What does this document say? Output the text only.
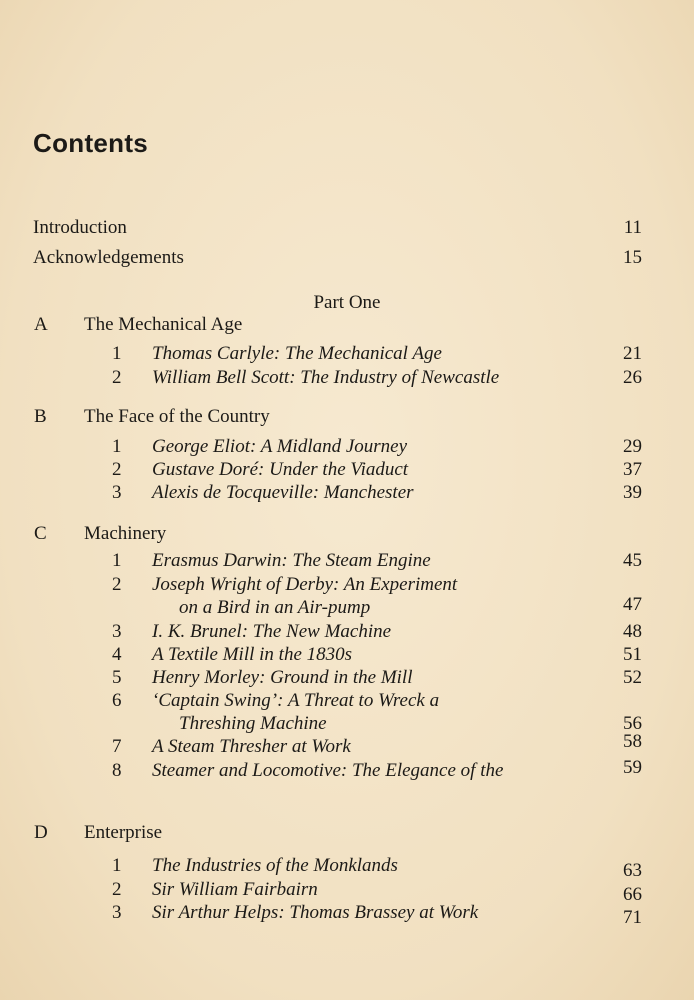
Contents
Introduction	11
Acknowledgements	15
Part One
A The Mechanical Age
1 Thomas Carlyle: The Mechanical Age	21
2 William Bell Scott: The Industry of Newcastle	26
B The Face of the Country
1 George Eliot: A Midland Journey	29
2 Gustave Doré: Under the Viaduct	37
3 Alexis de Tocqueville: Manchester	39
C Machinery
1 Erasmus Darwin: The Steam Engine	45
2 Joseph Wright of Derby: An Experiment
on a Bird in an Air-pump	47
3 I. K. Brunel: The New Machine	48
4 A Textile Mill in the 1830s	51
5 Henry Morley: Ground in the Mill	52
6 ‘Captain Swing’: A Threat to Wreck a
Threshing Machine	56
7 A Steam Thresher at Work	58
8 Steamer and Locomotive: The Elegance of the	59
D Enterprise
1 The Industries of the Monklands	63
2 Sir William Fairbairn	66
3 Sir Arthur Helps: Thomas Brassey at Work	71
